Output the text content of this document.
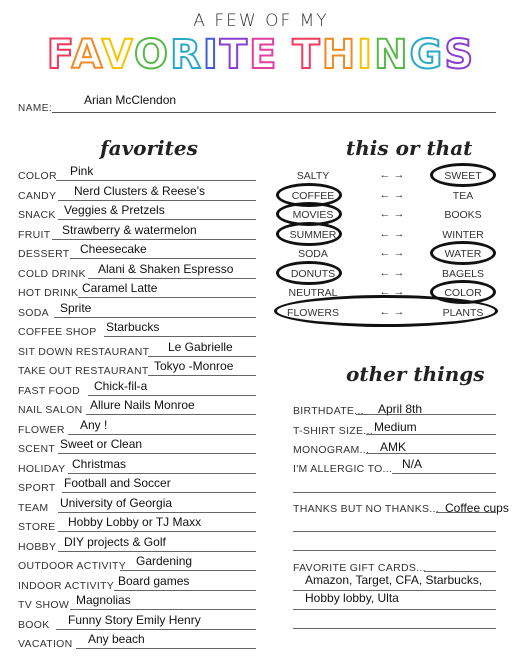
A FEW OF MY
FAVORITE THINGS
NAME:
Arian McClendon
favorites
COLOR Pink
CANDY Nerd Clusters & Reese's
SNACK Veggies & Pretzels
FRUIT Strawberry & watermelon
DESSERT Cheesecake
COLD DRINK Alani & Shaken Espresso
HOT DRINK Caramel Latte
SODA Sprite
COFFEE SHOP Starbucks
SIT DOWN RESTAURANT Le Gabrielle
TAKE OUT RESTAURANT Tokyo -Monroe
FAST FOOD Chick-fil-a
NAIL SALON Allure Nails Monroe
FLOWER Any !
SCENT Sweet or Clean
HOLIDAY Christmas
SPORT Football and Soccer
TEAM University of Georgia
STORE Hobby Lobby or TJ Maxx
HOBBY DIY projects & Golf
OUTDOOR ACTIVITY Gardening
INDOOR ACTIVITY Board games
TV SHOW Magnolias
BOOK Funny Story Emily Henry
VACATION Any beach
this or that
SALTY	← →	SWEET
COFFEE	← →	TEA
MOVIES	← →	BOOKS
SUMMER	← →	WINTER
SODA	← →	WATER
DONUTS	← →	BAGELS
NEUTRAL	← →	COLOR
FLOWERS	← →	PLANTS
other things
BIRTHDATE... April 8th
T-SHIRT SIZE... Medium
MONOGRAM... AMK
I'M ALLERGIC TO... N/A
THANKS BUT NO THANKS... Coffee cups
FAVORITE GIFT CARDS...
Amazon, Target, CFA, Starbucks,
Hobby lobby, Ulta
